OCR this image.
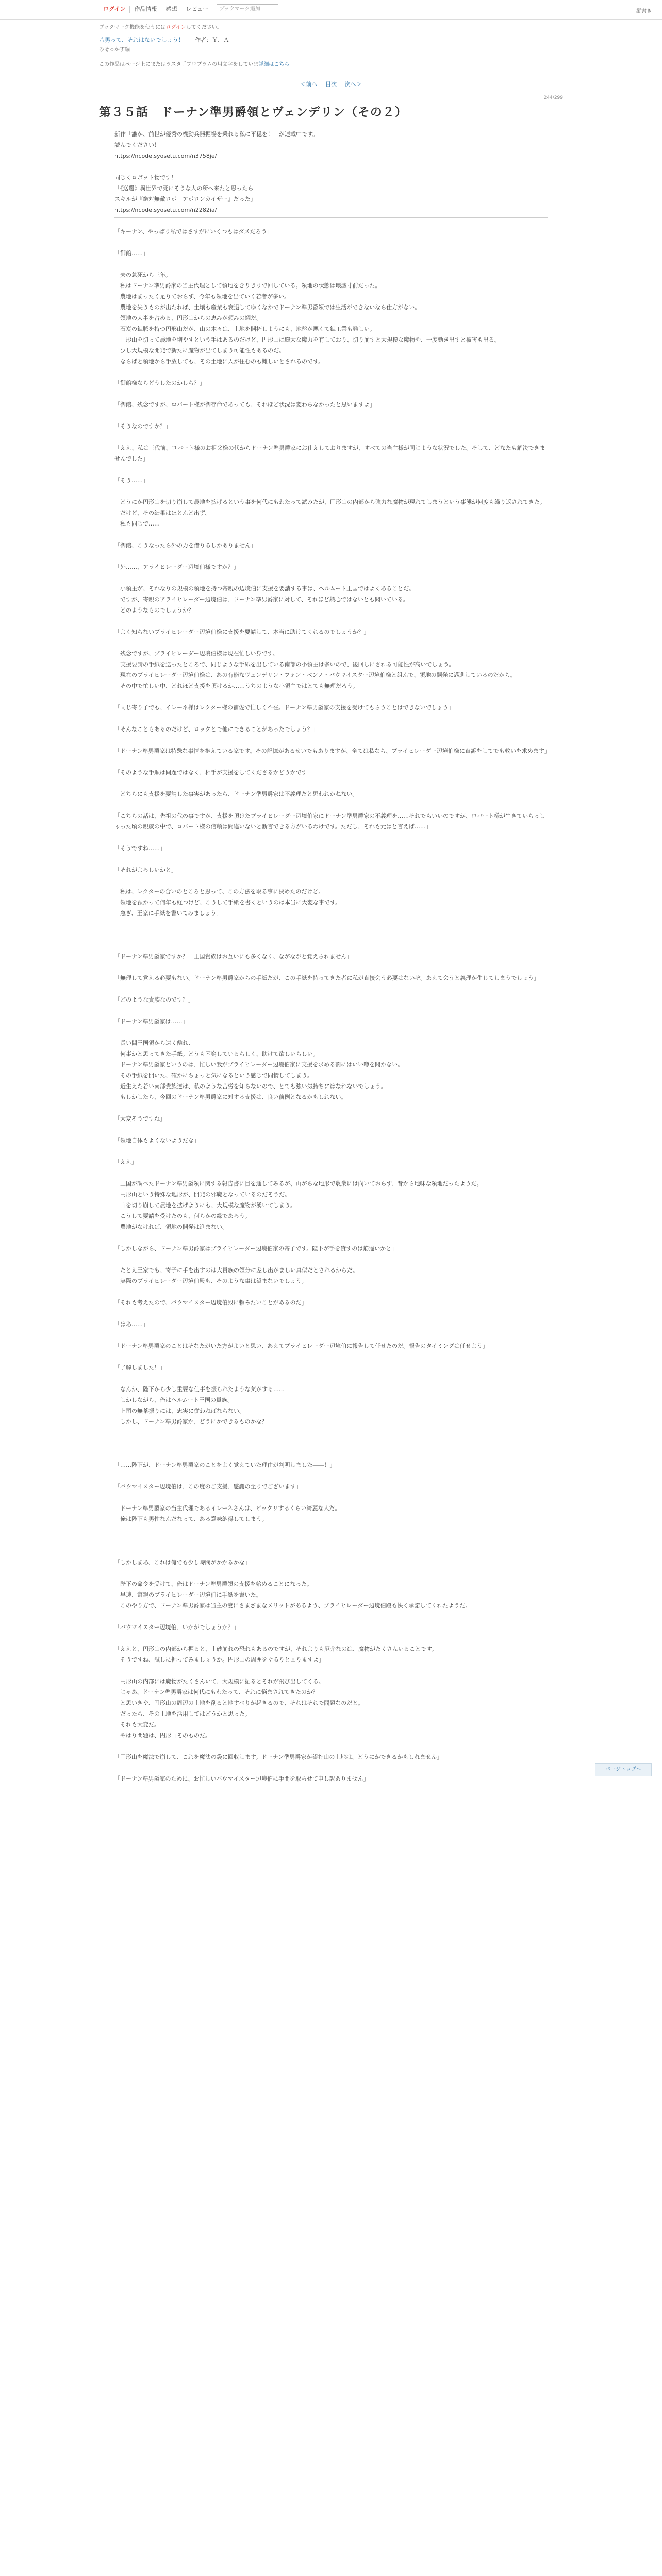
ログイン	作品情報	感想	レビュー	ブックマーク追加	縦書き
ブックマーク機能を使うにはログインしてください。
八男って、それはないでしょう！ 作者：Ｙ．Ａ
みそっかす編
この作品はページ上にまたはラスタ手ブロブラムの用文字をしていま詳細はこちら
＜前へ 目次 次へ＞
244/299
第３５話　ドーナン準男爵領とヴェンデリン（その２）

新作「誰か、前世が優秀の機動兵器掘場を乗れる私に平穏を！」が連載中です。

読んでください！

https://ncode.syosetu.com/n3758je/

同じくロボット物です！

「《送還》異世界で死にそうな人の所へ来たと思ったら

スキルが『絶対無敵ロボ　アポロンカイザー』だった」

https://ncode.syosetu.com/n2282ia/

「キーナン、やっぱり私ではさすがにいくつもはダメだろう」

「御館……」

　夫の急死から三年。

　私はドーナン準男爵家の当主代理として領地をきりきりで回している。領地の状態は壊滅寸前だった。

　農地はまったく足りておらず、今年も領地を出ていく若者が多い。

　農地を失うものが出たれば、土壌も産業も衰退してゆくなかでドーナン準男爵領では生活ができないなら仕方がない。

　領地の大半を占める、円形山からの恵みが頼みの綱だ。

　石炭の鉱脈を持つ円形山だが、山の木々は、土地を開拓しようにも、地盤が悪くて鉱工業も難しい。

　円形山を切って農地を増やすという手はあるのだけど、円形山は膨大な魔力を有しており、切り崩すと大規模な魔物や、一度動き出すと被害も出る。

　少し大規模な開発で新たに魔物が出てしまう可能性もあるのだ。

　ならばと領地から手放しても、その土地に人が住むのも難しいとされるのです。

「御館様ならどうしたのかしら？」

「御館、残念ですが、ロバート様が御存命であっても、それほど状況は変わらなかったと思いますよ」

「そうなのですか？」

「ええ、私は三代前、ロバート様のお祖父様の代からドーナン準男爵家にお仕えしておりますが、すべての当主様が同じような状況でした。そして、どなたも解決できませんでした」

「そう……」

　どうにか円形山を切り崩して農地を拡げるという事を何代にもわたって試みたが、円形山の内部から強力な魔物が現れてしまうという事態が何度も繰り返されてきた。

　だけど、その結果はほとんど出ず、

　私も同じで……

「御館、こうなったら外の力を借りるしかありません」

「外……、アライヒレーダー辺境伯様ですか？」

　小領主が、それなりの規模の領地を持つ寄親の辺境伯に支援を要請する事は、ヘルムート王国ではよくあることだ。

　ですが、寄親のアライヒレーダー辺境伯は、ドーナン準男爵家に対して、それほど熱心ではないとも聞いている。

　どのようなものでしょうか？

「よく知らないブライヒレーダー辺境伯様に支援を要請して、本当に助けてくれるのでしょうか？」

　残念ですが、ブライヒレーダー辺境伯様は現在忙しい身です。

　支援要請の手紙を送ったところで、同じような手紙を出している南部の小領主は多いので、後回しにされる可能性が高いでしょう。

　現在のブライヒレーダー辺境伯様は、あの有能なヴェンデリン・フォン・ベンノ・バウマイスター辺境伯様と組んで、領地の開発に邁進しているのだから。

　その中で忙しい中、どれほど支援を頂けるか……うちのような小領主ではとても無理だろう。

「同じ寄り子でも、イレーネ様はレクター様の補佐で忙しく不在。ドーナン準男爵家の支援を受けてもらうことはできないでしょう」

「そんなこともあるのだけど、ロックとで他にできることがあったでしょう？」

「ドーナン準男爵家は特殊な事情を抱えている家です。その記憶があるせいでもありますが、全ては私なら、ブライヒレーダー辺境伯様に直訴をしてでも救いを求めます」

「そのような手順は問題ではなく、相手が支援をしてくださるかどうかです」

　どちらにも支援を要請した事実があったら、ドーナン準男爵家は不義理だと思われかねない。

「こちらの話は、先祖の代の事ですが、支援を頂けたブライヒレーダー辺境伯家にドーナン準男爵家の不義理を……それでもいいのですが、ロバート様が生きていらっしゃった頃の親戚の中で、ロバート様の信頼は間違いないと断言できる方がいるわけです。ただし、それも元はと言えば……」

「そうですね……」

「それがよろしいかと」

　私は、レクターの合いのところと思って、この方法を取る事に決めたのだけど。

　領地を預かって何年も経つけど、こうして手紙を書くというのは本当に大変な事です。

　急ぎ、王家に手紙を書いてみましょう。

「ドーナン準男爵家ですか？　王国貴族はお互いにも多くなく、ながながと覚えられません」

「無理して覚える必要もない。ドーナン準男爵家からの手紙だが、この手紙を持ってきた者に私が直接会う必要はないぞ。あえて会うと義理が生じてしまうでしょう」

「どのような貴族なのです？」

「ドーナン準男爵家は……」

　長い間王国領から遠く離れ、

　何事かと思ってきた手紙。どうも困窮しているらしく、助けて欲しいらしい。

　ドーナン準男爵家というのは、忙しい我がブライヒレーダー辺境伯家に支援を求める割にはいい噂を聞かない。

　その手紙を開いた、確かにちょっと気になるという感じで同情してしまう。

　近生えた若い南部貴族達は、私のような苦労を知らないので、とても強い気持ちにはなれないでしょう。

　もしかしたら、今回のドーナン準男爵家に対する支援は、良い前例となるかもしれない。

「大変そうですね」

「領地自体もよくないようだな」

「ええ」

　王国が調べたドーナン準男爵領に関する報告書に目を通してみるが、山がちな地形で農業には向いておらず、昔から地味な領地だったようだ。

　円形山という特殊な地形が、開発の邪魔となっているのだそうだ。

　山を切り崩して農地を拡げようにも、大規模な魔物が湧いてしまう。

　こうして要請を受けたのも、何らかの縁であろう。

　農地がなければ、領地の開発は進まない。

「しかしながら、ドーナン準男爵家はブライヒレーダー辺境伯家の寄子です。陛下が手を貸すのは筋違いかと」

　たとえ王家でも、寄子に手を出すのは大貴族の領分に差し出がましい真似だとされるからだ。

　実際のブライヒレーダー辺境伯殿も、そのような事は望まないでしょう。

「それも考えたので、バウマイスター辺境伯殿に頼みたいことがあるのだ」

「はあ……」

「ドーナン準男爵家のことはそなたがいた方がよいと思い、あえてブライヒレーダー辺境伯に報告して任せたのだ。報告のタイミングは任せよう」

「了解しました！」

　なんか、陛下から少し重要な仕事を振られたような気がする……

　しかしながら、俺はヘルムート王国の貴族。

　上司の無茶振りには、忠実に従わねばならない。

　しかし、ドーナン準男爵家か、どうにかできるものかな？

「……陛下が、ドーナン準男爵家のことをよく覚えていた理由が判明しました――！」

「バウマイスター辺境伯は、この度のご支援、感謝の至りでございます」

　ドーナン準男爵家の当主代理であるイレーネさんは、ビックリするくらい綺麗な人だ。

　俺は陛下も男性なんだなって、ある意味納得してしまう。

「しかしまあ、これは俺でも少し時間がかかるかな」

　陛下の命令を受けて、俺はドーナン準男爵領の支援を始めることになった。

　早速、寄親のブライヒレーダー辺境伯に手紙を書いた。

　このやり方で、ドーナン準男爵家は当主の妻にさまざまなメリットがあるよう、ブライヒレーダー辺境伯殿も快く承諾してくれたようだ。

「バウマイスター辺境伯、いかがでしょうか？」

「ええと、円形山の内部から掘ると、土砂崩れの恐れもあるのですが、それよりも厄介なのは、魔物がたくさんいることです。

　そうですね、試しに掘ってみましょうか。円形山の周囲をぐるりと回りますよ」

　円形山の内部には魔物がたくさんいて、大規模に掘るとそれが飛び出してくる。

　じゃあ、ドーナン準男爵家は何代にもわたって、それに悩まされてきたのか？

　と思いきや、円形山の周辺の土地を削ると地すべりが起きるので、それはそれで問題なのだと。

　だったら、その土地を活用してはどうかと思った。

　それも大変だ。

　やはり問題は、円形山そのものだ。

「円形山を魔法で崩して、これを魔法の袋に回収します。ドーナン準男爵家が望む山の土地は、どうにかできるかもしれません」

「ドーナン準男爵家のために、お忙しいバウマイスター辺境伯に手間を取らせて申し訳ありません」

ページトップへ
